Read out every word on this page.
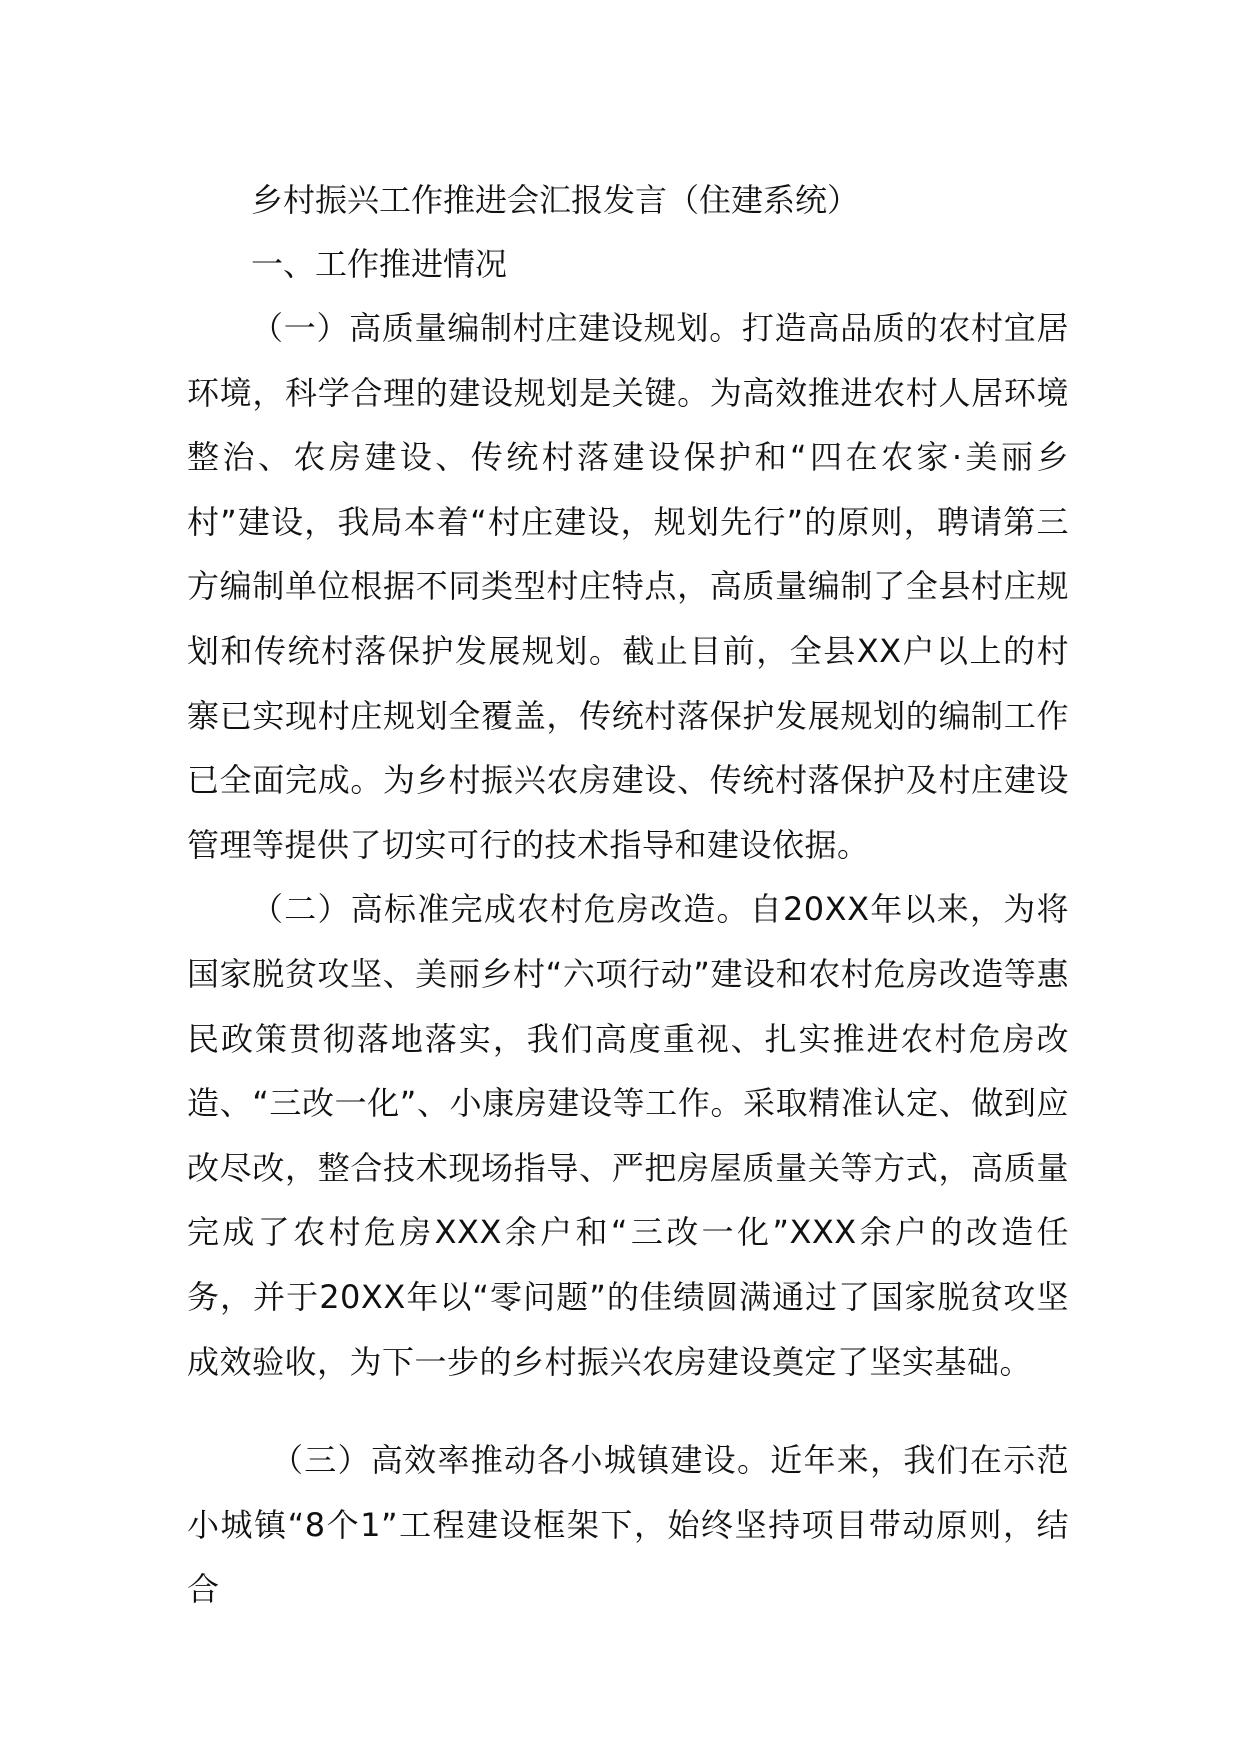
乡村振兴工作推进会汇报发言（住建系统）

一、工作推进情况

（一）高质量编制村庄建设规划。打造高品质的农村宜居环境，科学合理的建设规划是关键。为高效推进农村人居环境整治、农房建设、传统村落建设保护和“四在农家·美丽乡村”建设，我局本着“村庄建设，规划先行”的原则，聘请第三方编制单位根据不同类型村庄特点，高质量编制了全县村庄规划和传统村落保护发展规划。截止目前，全县XX户以上的村寨已实现村庄规划全覆盖，传统村落保护发展规划的编制工作已全面完成。为乡村振兴农房建设、传统村落保护及村庄建设管理等提供了切实可行的技术指导和建设依据。

（二）高标准完成农村危房改造。自20XX年以来，为将国家脱贫攻坚、美丽乡村“六项行动”建设和农村危房改造等惠民政策贯彻落地落实，我们高度重视、扎实推进农村危房改造、“三改一化”、小康房建设等工作。采取精准认定、做到应改尽改，整合技术现场指导、严把房屋质量关等方式，高质量完成了农村危房XXX余户和“三改一化”XXX余户的改造任务，并于20XX年以“零问题”的佳绩圆满通过了国家脱贫攻坚成效验收，为下一步的乡村振兴农房建设奠定了坚实基础。

（三）高效率推动各小城镇建设。近年来，我们在示范小城镇“8个1”工程建设框架下，始终坚持项目带动原则，结合
